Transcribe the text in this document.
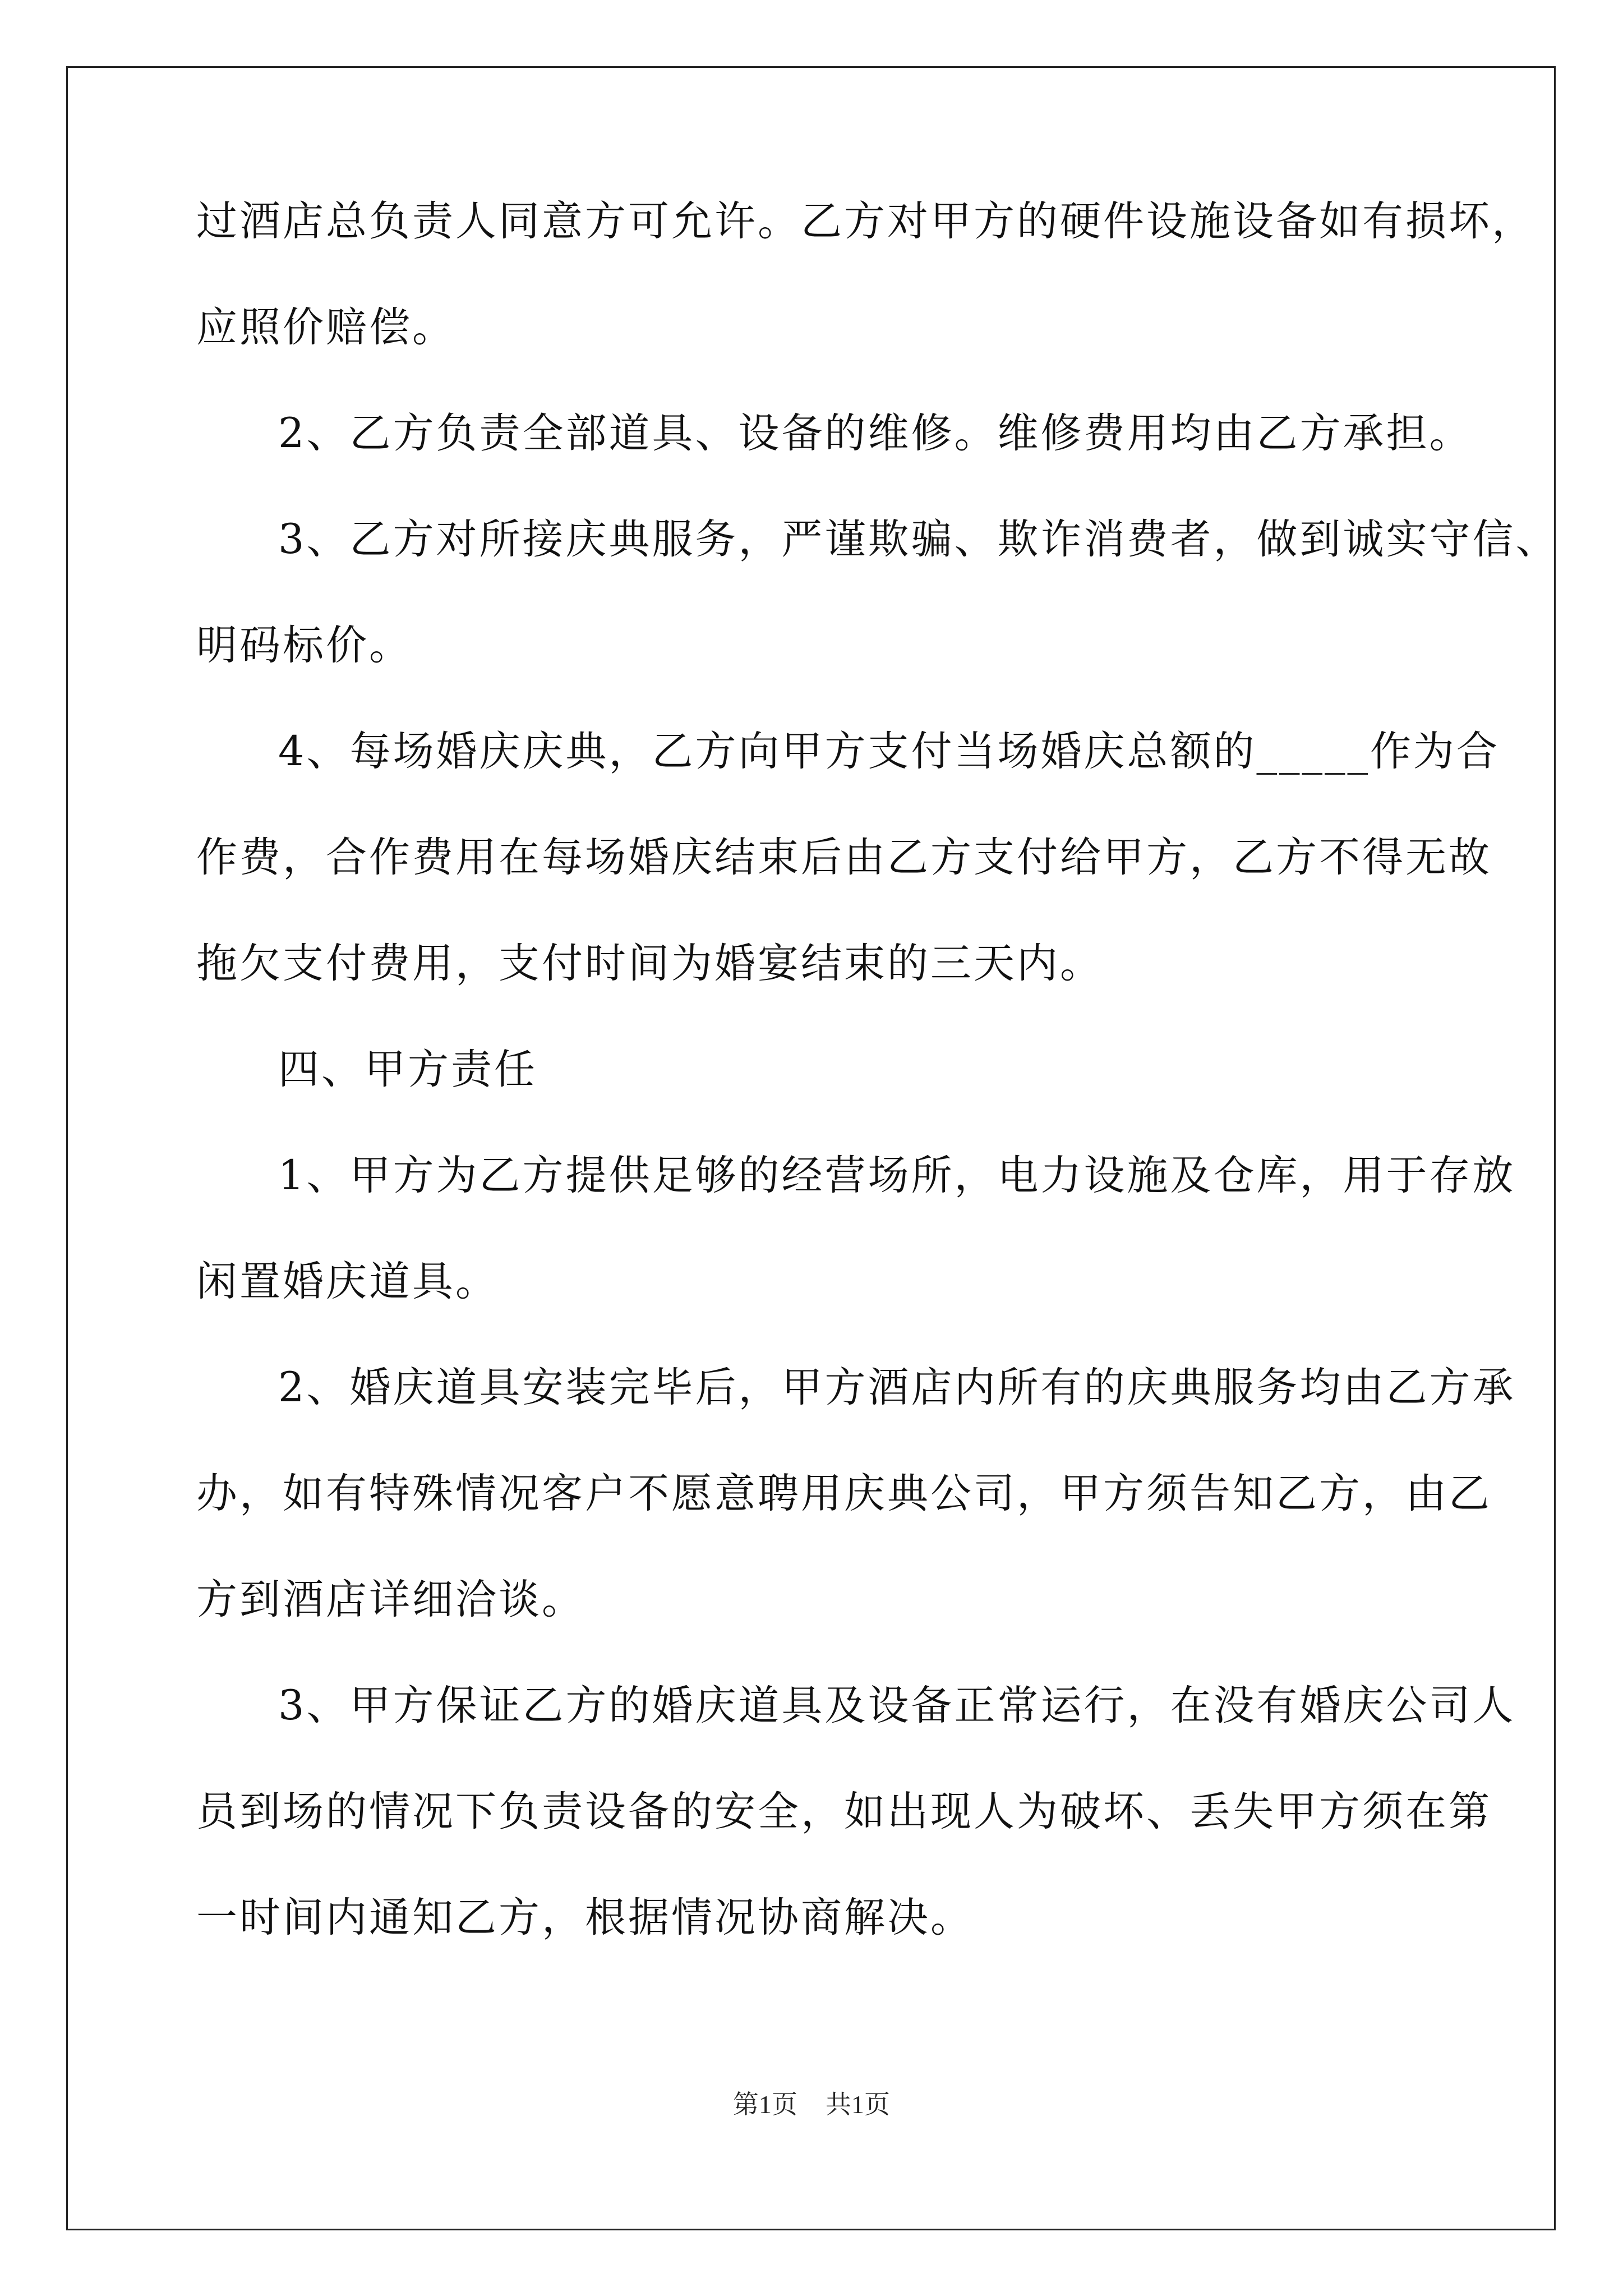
过酒店总负责人同意方可允许。乙方对甲方的硬件设施设备如有损坏，
应照价赔偿。
2、乙方负责全部道具、设备的维修。维修费用均由乙方承担。
3、乙方对所接庆典服务，严谨欺骗、欺诈消费者，做到诚实守信、
明码标价。
4、每场婚庆庆典，乙方向甲方支付当场婚庆总额的_____作为合
作费，合作费用在每场婚庆结束后由乙方支付给甲方，乙方不得无故
拖欠支付费用，支付时间为婚宴结束的三天内。
四、甲方责任
1、甲方为乙方提供足够的经营场所，电力设施及仓库，用于存放
闲置婚庆道具。
2、婚庆道具安装完毕后，甲方酒店内所有的庆典服务均由乙方承
办，如有特殊情况客户不愿意聘用庆典公司，甲方须告知乙方，由乙
方到酒店详细洽谈。
3、甲方保证乙方的婚庆道具及设备正常运行，在没有婚庆公司人
员到场的情况下负责设备的安全，如出现人为破坏、丢失甲方须在第
一时间内通知乙方，根据情况协商解决。
第1页 共1页
